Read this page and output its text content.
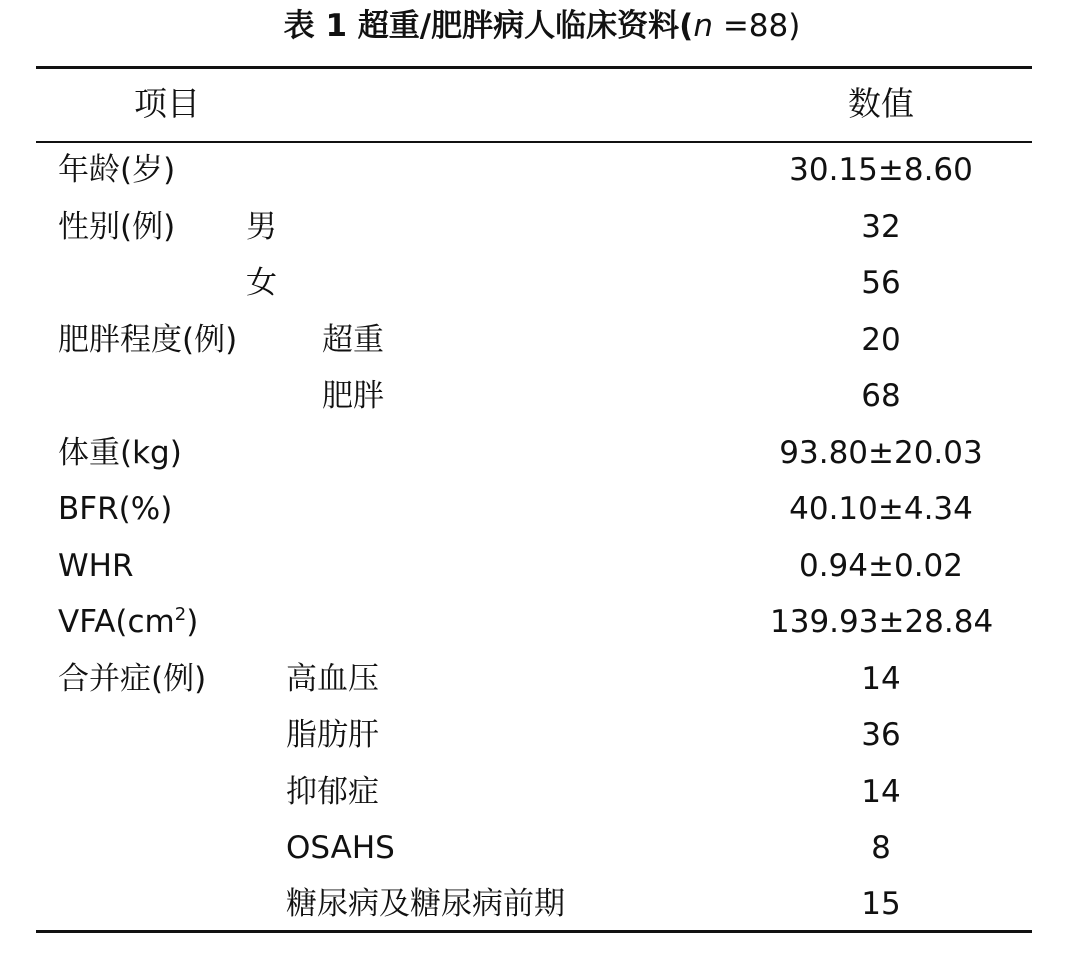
表 1 超重/肥胖病人临床资料(n =88)
项目	数值
年龄(岁)	30.15±8.60
性别(例) 男	32
女	56
肥胖程度(例)	超重	20
肥胖	68
体重(kg)	93.80±20.03
BFR(%)	40.10±4.34
WHR	0.94±0.02
$VFA(cm^2)$	139.93±28.84
合并症(例)	高血压	14
脂肪肝	36
抑郁症	14
OSAHS	8
糖尿病及糖尿病前期	15
